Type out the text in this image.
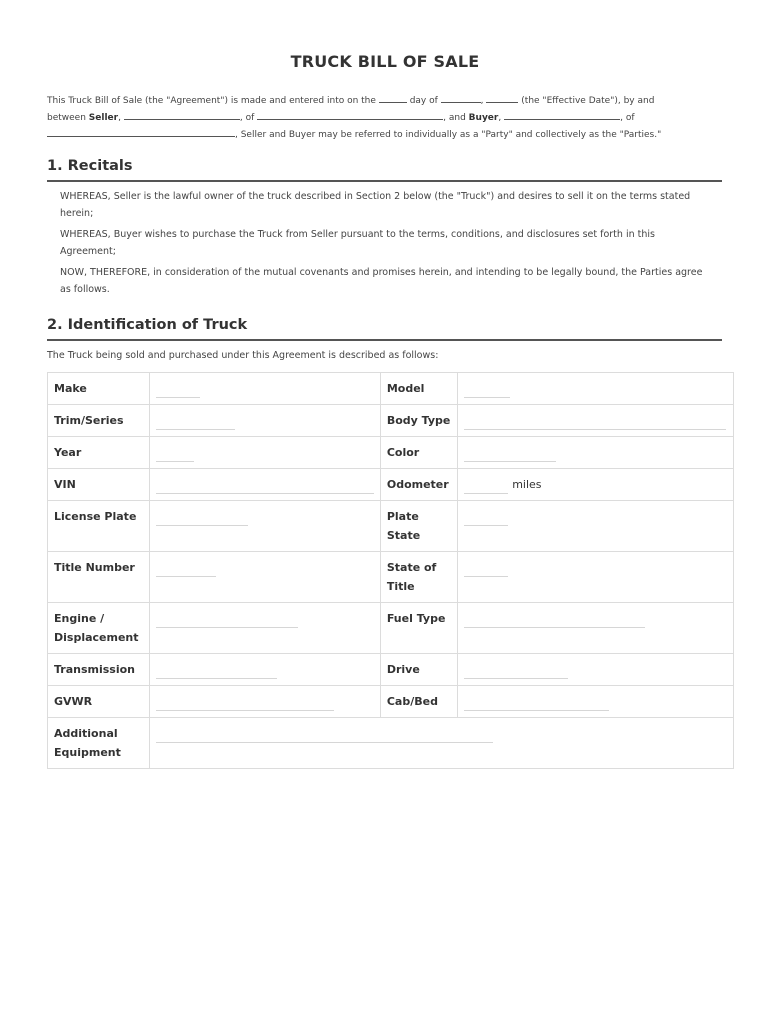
TRUCK BILL OF SALE
This Truck Bill of Sale (the "Agreement") is made and entered into on the	day of	,	(the "Effective Date"), by and
between Seller,	, of	, and Buyer,	, of
, Seller and Buyer may be referred to individually as a "Party" and collectively as the "Parties."
1. Recitals
WHEREAS, Seller is the lawful owner of the truck described in Section 2 below (the "Truck") and desires to sell it on the terms stated herein;
WHEREAS, Buyer wishes to purchase the Truck from Seller pursuant to the terms, conditions, and disclosures set forth in this Agreement;
NOW, THEREFORE, in consideration of the mutual covenants and promises herein, and intending to be legally bound, the Parties agree as follows.
2. Identification of Truck
The Truck being sold and purchased under this Agreement is described as follows:
Make		Model	

Trim/Series		Body Type	

Year		Color	

VIN		Odometer	miles
License Plate		Plate State	

Title Number		State of Title	

Engine / Displacement		Fuel Type	

Transmission		Drive	

GVWR		Cab/Bed	

Additional Equipment			
